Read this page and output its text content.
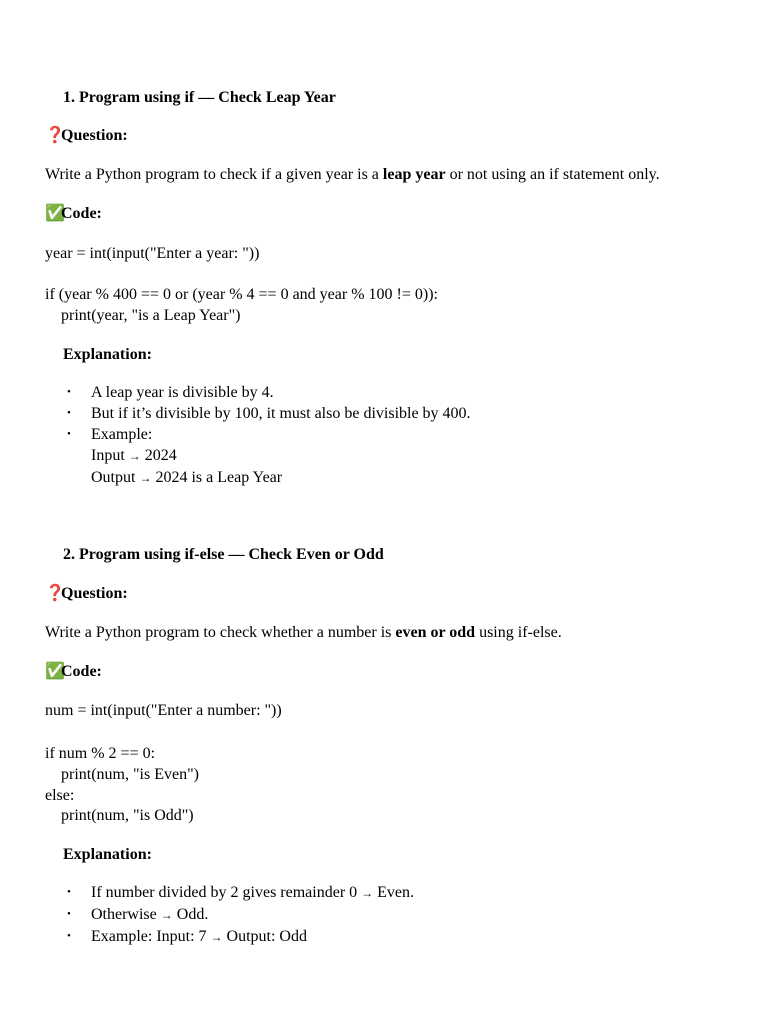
1. Program using if — Check Leap Year
❓ Question:
Write a Python program to check if a given year is a leap year or not using an if statement only.
✅ Code:
year = int(input("Enter a year: "))
if (year % 400 == 0 or (year % 4 == 0 and year % 100 != 0)):
print(year, "is a Leap Year")
Explanation:
• A leap year is divisible by 4.
• But if it’s divisible by 100, it must also be divisible by 400.
• Example:
Input → 2024
Output → 2024 is a Leap Year
2. Program using if-else — Check Even or Odd
❓ Question:
Write a Python program to check whether a number is even or odd using if-else.
✅ Code:
num = int(input("Enter a number: "))
if num % 2 == 0:
print(num, "is Even")
else:
print(num, "is Odd")
Explanation:
• If number divided by 2 gives remainder 0 → Even.
• Otherwise → Odd.
• Example: Input: 7 → Output: Odd
